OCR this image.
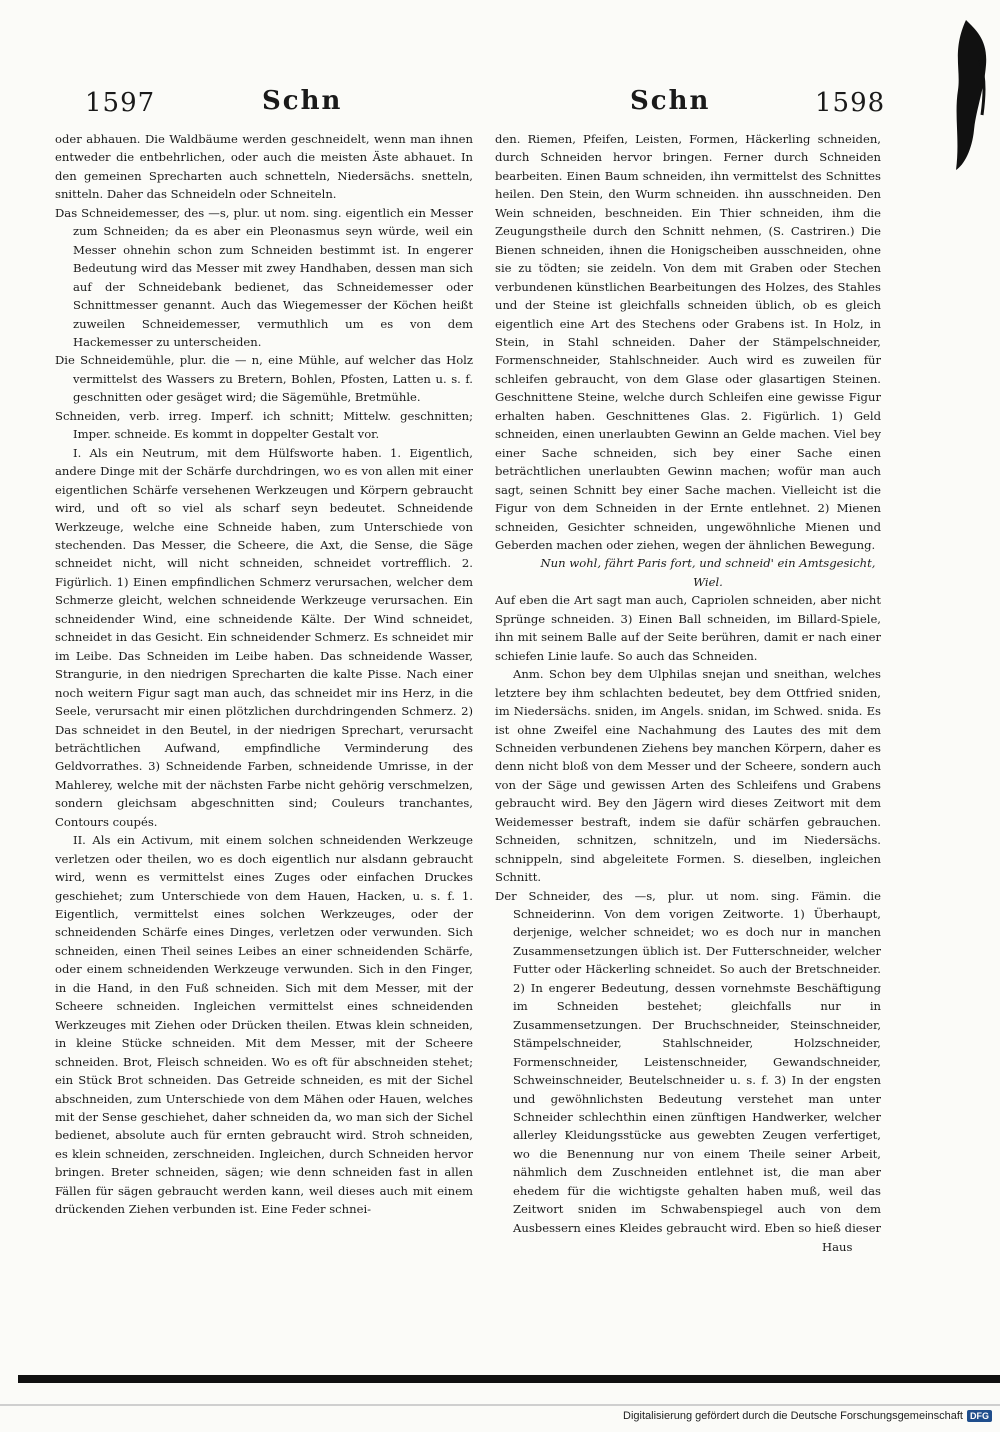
1597	Schn	Schn	1598

oder abhauen. Die Waldbäume werden geschneidelt, wenn man ihnen entweder die entbehrlichen, oder auch die meisten Äste abhauet. In den gemeinen Sprecharten auch schnetteln, Niedersächs. snetteln, snitteln. Daher das Schneideln oder Schneiteln.

Das Schneidemesser, des —s, plur. ut nom. sing. eigentlich ein Messer zum Schneiden; da es aber ein Pleonasmus seyn würde, weil ein Messer ohnehin schon zum Schneiden bestimmt ist. In engerer Bedeutung wird das Messer mit zwey Handhaben, dessen man sich auf der Schneidebank bedienet, das Schneidemesser oder Schnittmesser genannt. Auch das Wiegemesser der Köchen heißt zuweilen Schneidemesser, vermuthlich um es von dem Hackemesser zu unterscheiden.

Die Schneidemühle, plur. die — n, eine Mühle, auf welcher das Holz vermittelst des Wassers zu Bretern, Bohlen, Pfosten, Latten u. s. f. geschnitten oder gesäget wird; die Sägemühle, Bretmühle.

Schneiden, verb. irreg. Imperf. ich schnitt; Mittelw. geschnitten; Imper. schneide. Es kommt in doppelter Gestalt vor.

I. Als ein Neutrum, mit dem Hülfsworte haben. 1. Eigentlich, andere Dinge mit der Schärfe durchdringen, wo es von allen mit einer eigentlichen Schärfe versehenen Werkzeugen und Körpern gebraucht wird, und oft so viel als scharf seyn bedeutet. Schneidende Werkzeuge, welche eine Schneide haben, zum Unterschiede von stechenden. Das Messer, die Scheere, die Axt, die Sense, die Säge schneidet nicht, will nicht schneiden, schneidet vortrefflich. 2. Figürlich. 1) Einen empfindlichen Schmerz verursachen, welcher dem Schmerze gleicht, welchen schneidende Werkzeuge verursachen. Ein schneidender Wind, eine schneidende Kälte. Der Wind schneidet, schneidet in das Gesicht. Ein schneidender Schmerz. Es schneidet mir im Leibe. Das Schneiden im Leibe haben. Das schneidende Wasser, Strangurie, in den niedrigen Sprecharten die kalte Pisse. Nach einer noch weitern Figur sagt man auch, das schneidet mir ins Herz, in die Seele, verursacht mir einen plötzlichen durchdringenden Schmerz. 2) Das schneidet in den Beutel, in der niedrigen Sprechart, verursacht beträchtlichen Aufwand, empfindliche Verminderung des Geldvorrathes. 3) Schneidende Farben, schneidende Umrisse, in der Mahlerey, welche mit der nächsten Farbe nicht gehörig verschmelzen, sondern gleichsam abgeschnitten sind; Couleurs tranchantes, Contours coupés.

II. Als ein Activum, mit einem solchen schneidenden Werkzeuge verletzen oder theilen, wo es doch eigentlich nur alsdann gebraucht wird, wenn es vermittelst eines Zuges oder einfachen Druckes geschiehet; zum Unterschiede von dem Hauen, Hacken, u. s. f. 1. Eigentlich, vermittelst eines solchen Werkzeuges, oder der schneidenden Schärfe eines Dinges, verletzen oder verwunden. Sich schneiden, einen Theil seines Leibes an einer schneidenden Schärfe, oder einem schneidenden Werkzeuge verwunden. Sich in den Finger, in die Hand, in den Fuß schneiden. Sich mit dem Messer, mit der Scheere schneiden. Ingleichen vermittelst eines schneidenden Werkzeuges mit Ziehen oder Drücken theilen. Etwas klein schneiden, in kleine Stücke schneiden. Mit dem Messer, mit der Scheere schneiden. Brot, Fleisch schneiden. Wo es oft für abschneiden stehet; ein Stück Brot schneiden. Das Getreide schneiden, es mit der Sichel abschneiden, zum Unterschiede von dem Mähen oder Hauen, welches mit der Sense geschiehet, daher schneiden da, wo man sich der Sichel bedienet, absolute auch für ernten gebraucht wird. Stroh schneiden, es klein schneiden, zerschneiden. Ingleichen, durch Schneiden hervor bringen. Breter schneiden, sägen; wie denn schneiden fast in allen Fällen für sägen gebraucht werden kann, weil dieses auch mit einem drückenden Ziehen verbunden ist. Eine Feder schnei-

den. Riemen, Pfeifen, Leisten, Formen, Häckerling schneiden, durch Schneiden hervor bringen. Ferner durch Schneiden bearbeiten. Einen Baum schneiden, ihn vermittelst des Schnittes heilen. Den Stein, den Wurm schneiden. ihn ausschneiden. Den Wein schneiden, beschneiden. Ein Thier schneiden, ihm die Zeugungstheile durch den Schnitt nehmen, (S. Castriren.) Die Bienen schneiden, ihnen die Honigscheiben ausschneiden, ohne sie zu tödten; sie zeideln. Von dem mit Graben oder Stechen verbundenen künstlichen Bearbeitungen des Holzes, des Stahles und der Steine ist gleichfalls schneiden üblich, ob es gleich eigentlich eine Art des Stechens oder Grabens ist. In Holz, in Stein, in Stahl schneiden. Daher der Stämpelschneider, Formenschneider, Stahlschneider. Auch wird es zuweilen für schleifen gebraucht, von dem Glase oder glasartigen Steinen. Geschnittene Steine, welche durch Schleifen eine gewisse Figur erhalten haben. Geschnittenes Glas. 2. Figürlich. 1) Geld schneiden, einen unerlaubten Gewinn an Gelde machen. Viel bey einer Sache schneiden, sich bey einer Sache einen beträchtlichen unerlaubten Gewinn machen; wofür man auch sagt, seinen Schnitt bey einer Sache machen. Vielleicht ist die Figur von dem Schneiden in der Ernte entlehnet. 2) Mienen schneiden, Gesichter schneiden, ungewöhnliche Mienen und Geberden machen oder ziehen, wegen der ähnlichen Bewegung.

Nun wohl, fährt Paris fort, und schneid' ein Amtsgesicht, Wiel.

Auf eben die Art sagt man auch, Capriolen schneiden, aber nicht Sprünge schneiden. 3) Einen Ball schneiden, im Billard-Spiele, ihn mit seinem Balle auf der Seite berühren, damit er nach einer schiefen Linie laufe. So auch das Schneiden.

Anm. Schon bey dem Ulphilas snejan und sneithan, welches letztere bey ihm schlachten bedeutet, bey dem Ottfried sniden, im Niedersächs. sniden, im Angels. snidan, im Schwed. snida. Es ist ohne Zweifel eine Nachahmung des Lautes des mit dem Schneiden verbundenen Ziehens bey manchen Körpern, daher es denn nicht bloß von dem Messer und der Scheere, sondern auch von der Säge und gewissen Arten des Schleifens und Grabens gebraucht wird. Bey den Jägern wird dieses Zeitwort mit dem Weidemesser bestraft, indem sie dafür schärfen gebrauchen. Schneiden, schnitzen, schnitzeln, und im Niedersächs. schnippeln, sind abgeleitete Formen. S. dieselben, ingleichen Schnitt.

Der Schneider, des —s, plur. ut nom. sing. Fämin. die Schneiderinn. Von dem vorigen Zeitworte. 1) Überhaupt, derjenige, welcher schneidet; wo es doch nur in manchen Zusammensetzungen üblich ist. Der Futterschneider, welcher Futter oder Häckerling schneidet. So auch der Bretschneider. 2) In engerer Bedeutung, dessen vornehmste Beschäftigung im Schneiden bestehet; gleichfalls nur in Zusammensetzungen. Der Bruchschneider, Steinschneider, Stämpelschneider, Stahlschneider, Holzschneider, Formenschneider, Leistenschneider, Gewandschneider, Schweinschneider, Beutelschneider u. s. f. 3) In der engsten und gewöhnlichsten Bedeutung verstehet man unter Schneider schlechthin einen zünftigen Handwerker, welcher allerley Kleidungsstücke aus gewebten Zeugen verfertiget, wo die Benennung nur von einem Theile seiner Arbeit, nähmlich dem Zuschneiden entlehnet ist, die man aber ehedem für die wichtigste gehalten haben muß, weil das Zeitwort sniden im Schwabenspiegel auch von dem Ausbessern eines Kleides gebraucht wird. Eben so hieß dieser

Haus
Digitalisierung gefördert durch die Deutsche Forschungsgemeinschaft DFG
